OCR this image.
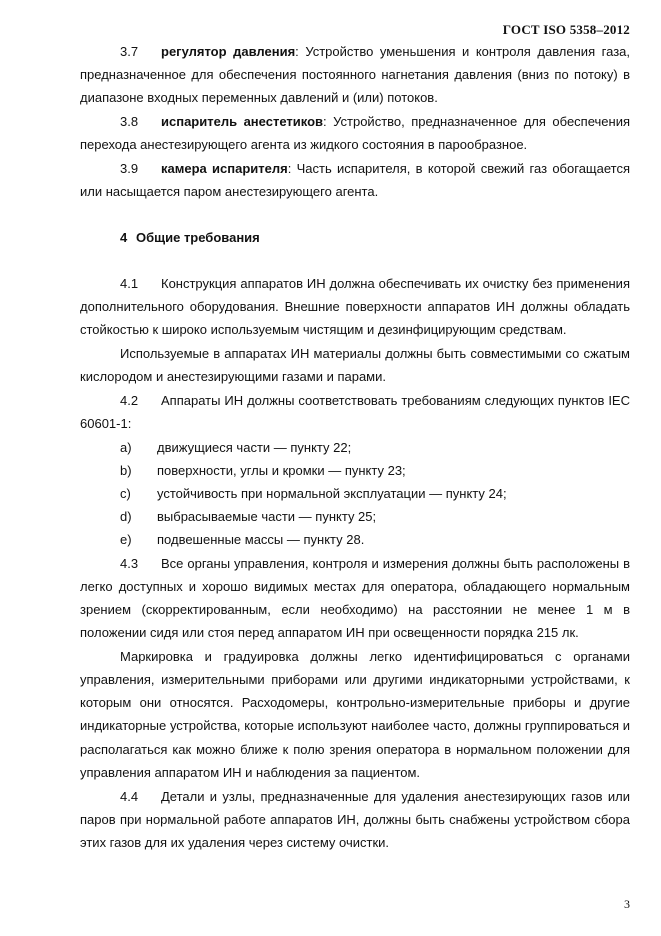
ГОСТ ISO 5358–2012

3.7 регулятор давления: Устройство уменьшения и контроля давления газа, предназначенное для обеспечения постоянного нагнетания давления (вниз по потоку) в диапазоне входных переменных давлений и (или) потоков.

3.8 испаритель анестетиков: Устройство, предназначенное для обеспечения перехода анестезирующего агента из жидкого состояния в парообразное.

3.9 камера испарителя: Часть испарителя, в которой свежий газ обогащается или насыщается паром анестезирующего агента.

4 Общие требования

4.1 Конструкция аппаратов ИН должна обеспечивать их очистку без применения дополнительного оборудования. Внешние поверхности аппаратов ИН должны обладать стойкостью к широко используемым чистящим и дезинфицирующим средствам.

Используемые в аппаратах ИН материалы должны быть совместимыми со сжатым кислородом и анестезирующими газами и парами.

4.2 Аппараты ИН должны соответствовать требованиям следующих пунктов IEC 60601-1:

a) движущиеся части — пункту 22;
b) поверхности, углы и кромки — пункту 23;
c) устойчивость при нормальной эксплуатации — пункту 24;
d) выбрасываемые части — пункту 25;
e) подвешенные массы — пункту 28.

4.3 Все органы управления, контроля и измерения должны быть расположены в легко доступных и хорошо видимых местах для оператора, обладающего нормальным зрением (скорректированным, если необходимо) на расстоянии не менее 1 м в положении сидя или стоя перед аппаратом ИН при освещенности порядка 215 лк.

Маркировка и градуировка должны легко идентифицироваться с органами управления, измерительными приборами или другими индикаторными устройствами, к которым они относятся. Расходомеры, контрольно-измерительные приборы и другие индикаторные устройства, которые используют наиболее часто, должны группироваться и располагаться как можно ближе к полю зрения оператора в нормальном положении для управления аппаратом ИН и наблюдения за пациентом.

4.4 Детали и узлы, предназначенные для удаления анестезирующих газов или паров при нормальной работе аппаратов ИН, должны быть снабжены устройством сбора этих газов для их удаления через систему очистки.

3
